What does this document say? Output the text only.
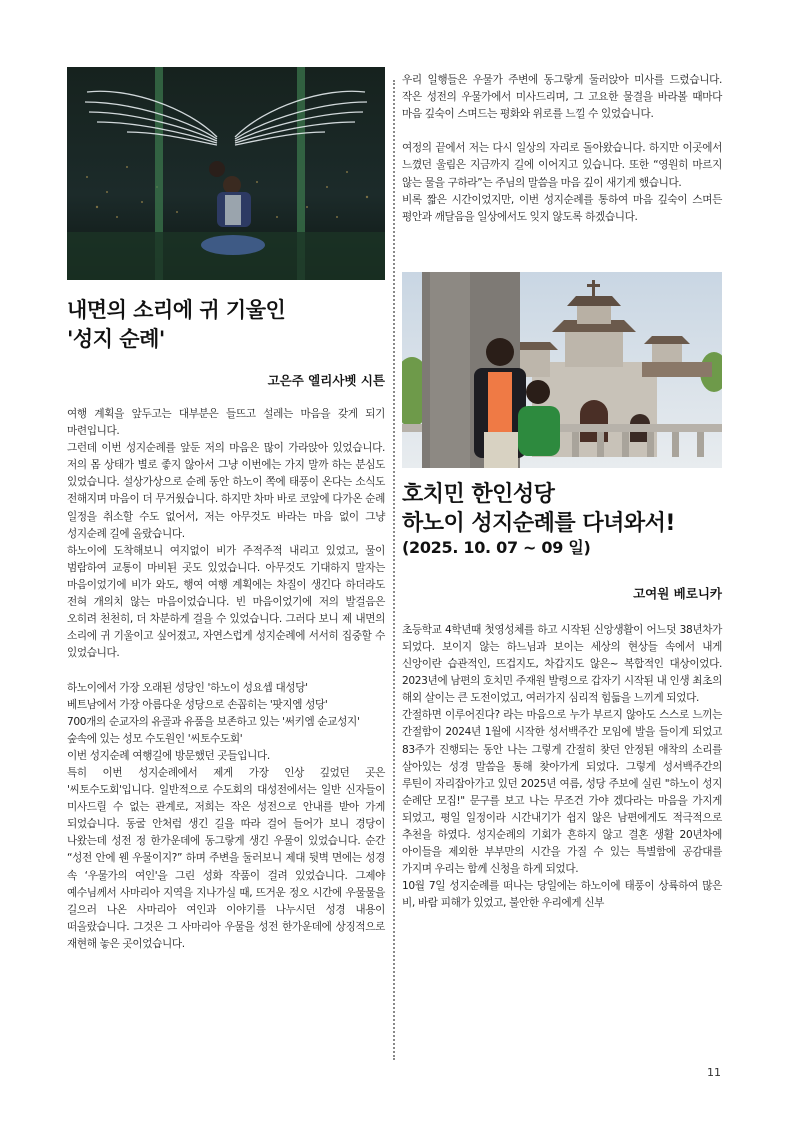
내면의 소리에 귀 기울인
'성지 순례'
고은주 엘리사벳 시튼

여행 계획을 앞두고는 대부분은 들뜨고 설레는 마음을 갖게 되기 마련입니다.

그런데 이번 성지순례를 앞둔 저의 마음은 많이 가라앉아 있었습니다. 저의 몸 상태가 별로 좋지 않아서 그냥 이번에는 가지 말까 하는 분심도 있었습니다. 설상가상으로 순례 동안 하노이 쪽에 태풍이 온다는 소식도 전해지며 마음이 더 무거웠습니다. 하지만 차마 바로 코앞에 다가온 순례 일정을 취소할 수도 없어서, 저는 아무것도 바라는 마음 없이 그냥 성지순례 길에 올랐습니다.

하노이에 도착해보니 여지없이 비가 주적주적 내리고 있었고, 물이 범람하여 교통이 마비된 곳도 있었습니다. 아무것도 기대하지 말자는 마음이었기에 비가 와도, 행여 여행 계획에는 차질이 생긴다 하더라도 전혀 개의치 않는 마음이었습니다. 빈 마음이었기에 저의 발걸음은 오히려 천천히, 더 차분하게 걸을 수 있었습니다. 그러다 보니 제 내면의 소리에 귀 기울이고 싶어졌고, 자연스럽게 성지순례에 서서히 집중할 수 있었습니다.

하노이에서 가장 오래된 성당인 '하노이 성요셉 대성당'

베트남에서 가장 아름다운 성당으로 손꼽히는 '팟지엠 성당'

700개의 순교자의 유골과 유품을 보존하고 있는 '써키엠 순교성지'

숲속에 있는 성모 수도원인 '씨토수도회'

이번 성지순례 여행길에 방문했던 곳들입니다.

특히 이번 성지순례에서 제게 가장 인상 깊었던 곳은 '씨토수도회'입니다. 일반적으로 수도회의 대성전에서는 일반 신자들이 미사드릴 수 없는 관계로, 저희는 작은 성전으로 안내를 받아 가게 되었습니다. 동굴 안처럼 생긴 길을 따라 걸어 들어가 보니 경당이 나왔는데 성전 정 한가운데에 동그랗게 생긴 우물이 있었습니다. 순간 “성전 안에 웬 우물이지?” 하며 주변을 둘러보니 제대 뒷벽 면에는 성경 속 ‘우물가의 여인'을 그린 성화 작품이 걸려 있었습니다. 그제야 예수님께서 사마리아 지역을 지나가실 때, 뜨거운 정오 시간에 우물물을 길으러 나온 사마리아 여인과 이야기를 나누시던 성경 내용이 떠올랐습니다. 그것은 그 사마리아 우물을 성전 한가운데에 상징적으로 재현해 놓은 곳이었습니다.

우리 일행들은 우물가 주변에 동그랗게 둘러앉아 미사를 드렸습니다. 작은 성전의 우물가에서 미사드리며, 그 고요한 물결을 바라볼 때마다 마음 깊숙이 스며드는 평화와 위로를 느낄 수 있었습니다.

여정의 끝에서 저는 다시 일상의 자리로 돌아왔습니다. 하지만 이곳에서 느꼈던 울림은 지금까지 길에 이어지고 있습니다. 또한 “영원히 마르지 않는 물을 구하라”는 주님의 말씀을 마음 깊이 새기게 했습니다.

비록 짧은 시간이었지만, 이번 성지순례를 통하여 마음 깊숙이 스며든 평안과 깨달음을 일상에서도 잊지 않도록 하겠습니다.

호치민 한인성당
하노이 성지순례를 다녀와서!
(2025. 10. 07 ~ 09 일)
고여원 베로니카

초등학교 4학년때 첫영성체를 하고 시작된 신앙생활이 어느덧 38년차가 되었다. 보이지 않는 하느님과 보이는 세상의 현상들 속에서 내게 신앙이란 습관적인, 뜨겁지도, 차갑지도 않은~ 복합적인 대상이었다. 2023년에 남편의 호치민 주재원 발령으로 갑자기 시작된 내 인생 최초의 해외 살이는 큰 도전이었고, 여러가지 심리적 힘듦을 느끼게 되었다.

간절하면 이루어진다? 라는 마음으로 누가 부르지 않아도 스스로 느끼는 간절함이 2024년 1월에 시작한 성서백주간 모임에 발을 들이게 되었고 83주가 진행되는 동안 나는 그렇게 간절히 찾던 안정된 애착의 소리를 살아있는 성경 말씀을 통해 찾아가게 되었다. 그렇게 성서백주간의 루틴이 자리잡아가고 있던 2025년 여름, 성당 주보에 실린 "하노이 성지 순례단 모집!" 문구를 보고 나는 무조건 가야 겠다라는 마음을 가지게 되었고, 평일 일정이라 시간내기가 쉽지 않은 남편에게도 적극적으로 추천을 하였다. 성지순례의 기회가 흔하지 않고 결혼 생활 20년차에 아이들을 제외한 부부만의 시간을 가질 수 있는 특별함에 공감대를 가지며 우리는 함께 신청을 하게 되었다.

10월 7일 성지순례를 떠나는 당일에는 하노이에 태풍이 상륙하여 많은 비, 바람 피해가 있었고, 불안한 우리에게 신부

11
